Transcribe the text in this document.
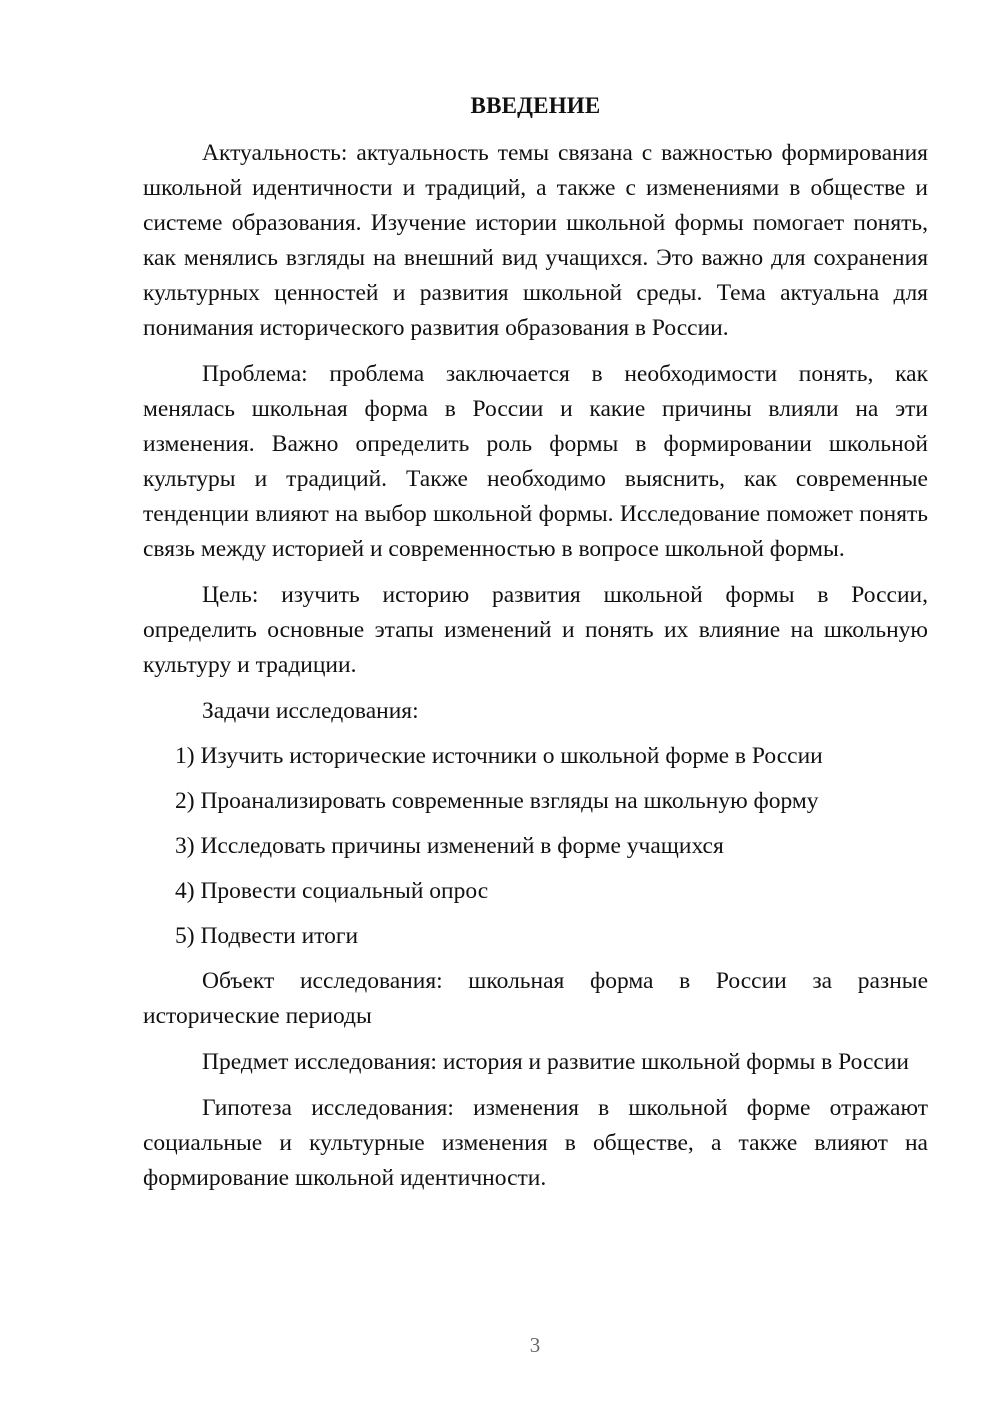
ВВЕДЕНИЕ

Актуальность: актуальность темы связана с важностью формирования школьной идентичности и традиций, а также с изменениями в обществе и системе образования. Изучение истории школьной формы помогает понять, как менялись взгляды на внешний вид учащихся. Это важно для сохранения культурных ценностей и развития школьной среды. Тема актуальна для понимания исторического развития образования в России.

Проблема: проблема заключается в необходимости понять, как менялась школьная форма в России и какие причины влияли на эти изменения. Важно определить роль формы в формировании школьной культуры и традиций. Также необходимо выяснить, как современные тенденции влияют на выбор школьной формы. Исследование поможет понять связь между историей и современностью в вопросе школьной формы.

Цель: изучить историю развития школьной формы в России, определить основные этапы изменений и понять их влияние на школьную культуру и традиции.

Задачи исследования:

1) Изучить исторические источники о школьной форме в России
2) Проанализировать современные взгляды на школьную форму
3) Исследовать причины изменений в форме учащихся
4) Провести социальный опрос
5) Подвести итоги

Объект исследования: школьная форма в России за разные исторические периоды

Предмет исследования: история и развитие школьной формы в России

Гипотеза исследования: изменения в школьной форме отражают социальные и культурные изменения в обществе, а также влияют на формирование школьной идентичности.

3
